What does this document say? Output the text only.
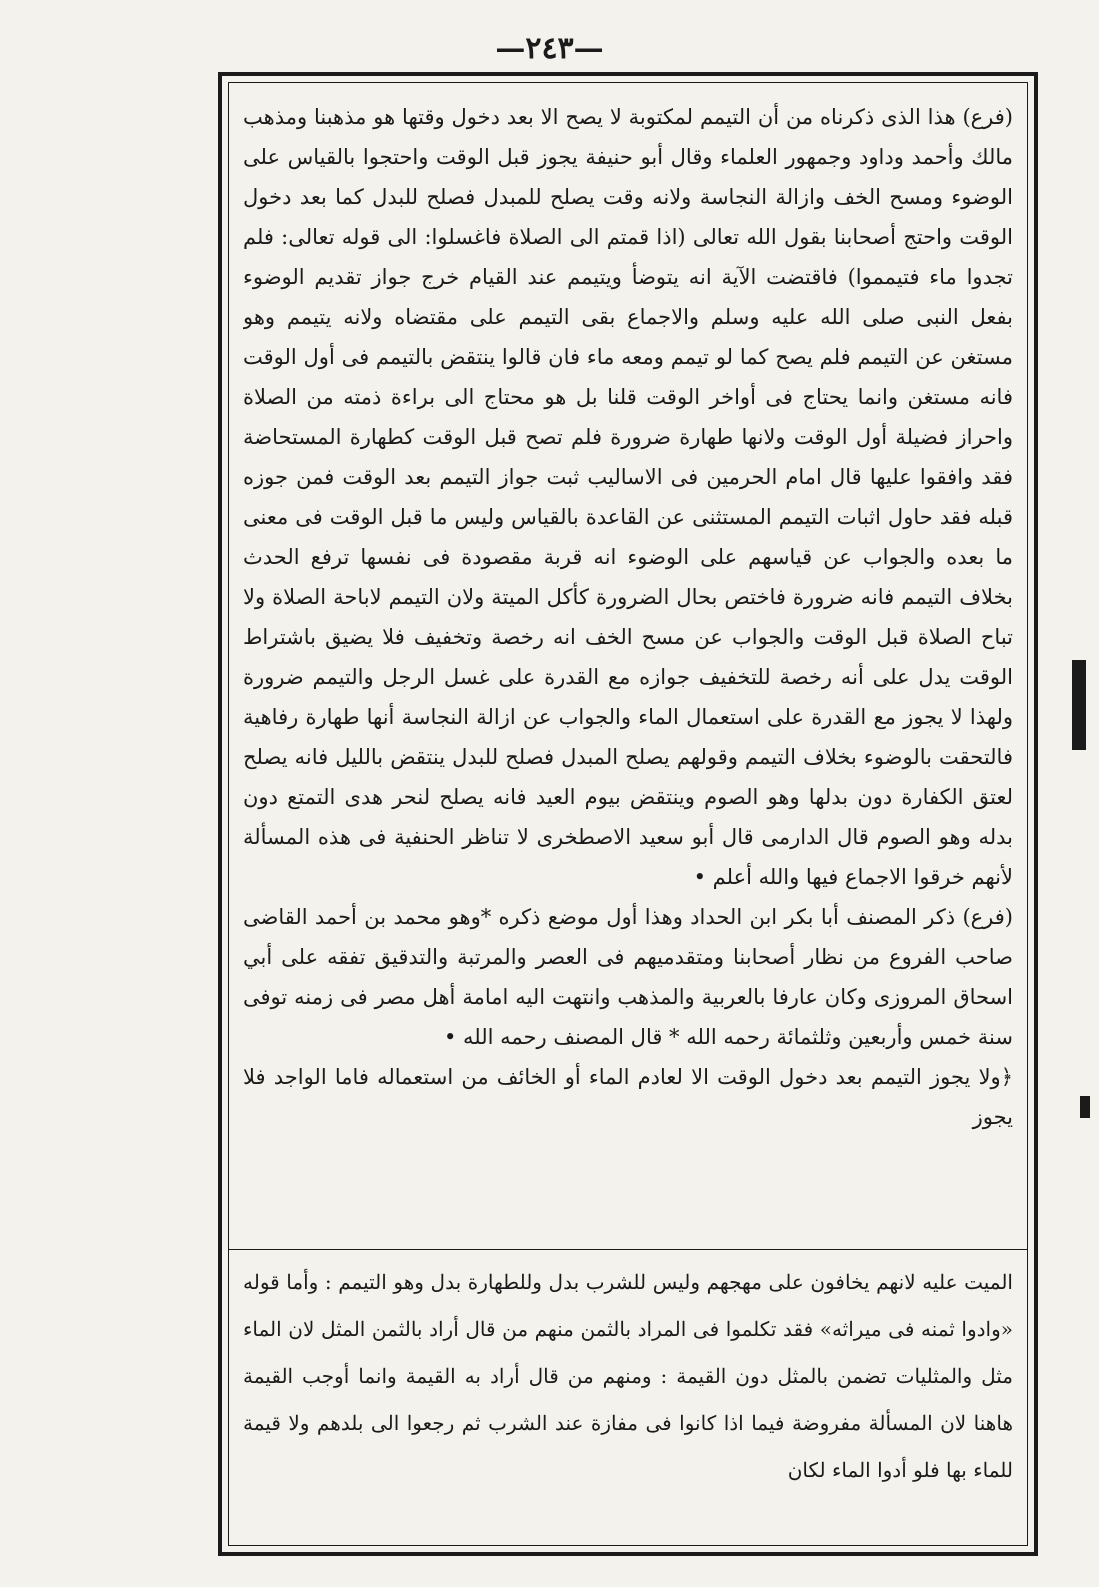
—٢٤٣—

(فرع) هذا الذى ذكرناه من أن التيمم لمكتوبة لا يصح الا بعد دخول وقتها هو مذهبنا ومذهب مالك وأحمد وداود وجمهور العلماء وقال أبو حنيفة يجوز قبل الوقت واحتجوا بالقياس على الوضوء ومسح الخف وازالة النجاسة ولانه وقت يصلح للمبدل فصلح للبدل كما بعد دخول الوقت واحتج أصحابنا بقول الله تعالى (اذا قمتم الى الصلاة فاغسلوا: الى قوله تعالى: فلم تجدوا ماء فتيمموا) فاقتضت الآية انه يتوضأ ويتيمم عند القيام خرج جواز تقديم الوضوء بفعل النبى صلى الله عليه وسلم والاجماع بقى التيمم على مقتضاه ولانه يتيمم وهو مستغن عن التيمم فلم يصح كما لو تيمم ومعه ماء فان قالوا ينتقض بالتيمم فى أول الوقت فانه مستغن وانما يحتاج فى أواخر الوقت قلنا بل هو محتاج الى براءة ذمته من الصلاة واحراز فضيلة أول الوقت ولانها طهارة ضرورة فلم تصح قبل الوقت كطهارة المستحاضة فقد وافقوا عليها قال امام الحرمين فى الاساليب ثبت جواز التيمم بعد الوقت فمن جوزه قبله فقد حاول اثبات التيمم المستثنى عن القاعدة بالقياس وليس ما قبل الوقت فى معنى ما بعده والجواب عن قياسهم على الوضوء انه قربة مقصودة فى نفسها ترفع الحدث بخلاف التيمم فانه ضرورة فاختص بحال الضرورة كأكل الميتة ولان التيمم لاباحة الصلاة ولا تباح الصلاة قبل الوقت والجواب عن مسح الخف انه رخصة وتخفيف فلا يضيق باشتراط الوقت يدل على أنه رخصة للتخفيف جوازه مع القدرة على غسل الرجل والتيمم ضرورة ولهذا لا يجوز مع القدرة على استعمال الماء والجواب عن ازالة النجاسة أنها طهارة رفاهية فالتحقت بالوضوء بخلاف التيمم وقولهم يصلح المبدل فصلح للبدل ينتقض بالليل فانه يصلح لعتق الكفارة دون بدلها وهو الصوم وينتقض بيوم العيد فانه يصلح لنحر هدى التمتع دون بدله وهو الصوم قال الدارمى قال أبو سعيد الاصطخرى لا تناظر الحنفية فى هذه المسألة لأنهم خرقوا الاجماع فيها والله أعلم •

(فرع) ذكر المصنف أبا بكر ابن الحداد وهذا أول موضع ذكره *وهو محمد بن أحمد القاضى صاحب الفروع من نظار أصحابنا ومتقدميهم فى العصر والمرتبة والتدقيق تفقه على أبي اسحاق المروزى وكان عارفا بالعربية والمذهب وانتهت اليه امامة أهل مصر فى زمنه توفى سنة خمس وأربعين وثلثمائة رحمه الله * قال المصنف رحمه الله •

﴿ولا يجوز التيمم بعد دخول الوقت الا لعادم الماء أو الخائف من استعماله فاما الواجد فلا يجوز

الميت عليه لانهم يخافون على مهجهم وليس للشرب بدل وللطهارة بدل وهو التيمم : وأما قوله «وادوا ثمنه فى ميراثه» فقد تكلموا فى المراد بالثمن منهم من قال أراد بالثمن المثل لان الماء مثل والمثليات تضمن بالمثل دون القيمة : ومنهم من قال أراد به القيمة وانما أوجب القيمة هاهنا لان المسألة مفروضة فيما اذا كانوا فى مفازة عند الشرب ثم رجعوا الى بلدهم ولا قيمة للماء بها فلو أدوا الماء لكان
